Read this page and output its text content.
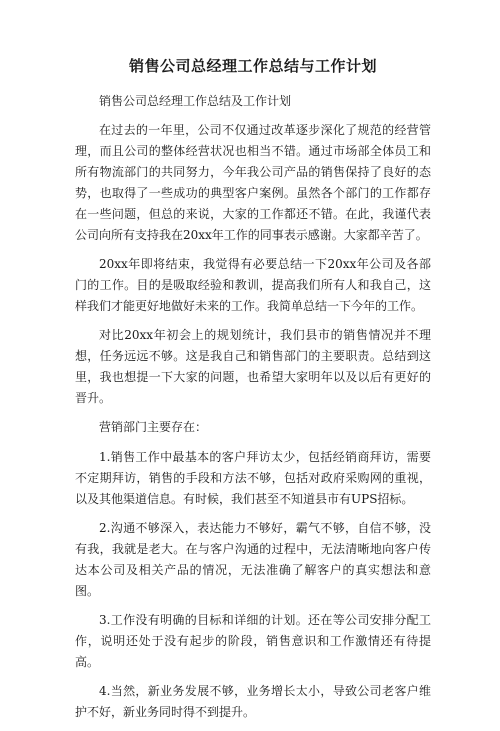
销售公司总经理工作总结与工作计划
销售公司总经理工作总结及工作计划

在过去的一年里，公司不仅通过改革逐步深化了规范的经营管理，而且公司的整体经营状况也相当不错。通过市场部全体员工和所有物流部门的共同努力，今年我公司产品的销售保持了良好的态势，也取得了一些成功的典型客户案例。虽然各个部门的工作都存在一些问题，但总的来说，大家的工作都还不错。在此，我谨代表公司向所有支持我在20xx年工作的同事表示感谢。大家都辛苦了。

20xx年即将结束，我觉得有必要总结一下20xx年公司及各部门的工作。目的是吸取经验和教训，提高我们所有人和我自己，这样我们才能更好地做好未来的工作。我简单总结一下今年的工作。

对比20xx年初会上的规划统计，我们县市的销售情况并不理想，任务远远不够。这是我自己和销售部门的主要职责。总结到这里，我也想提一下大家的问题，也希望大家明年以及以后有更好的晋升。

营销部门主要存在：

1.销售工作中最基本的客户拜访太少，包括经销商拜访，需要不定期拜访，销售的手段和方法不够，包括对政府采购网的重视，以及其他渠道信息。有时候，我们甚至不知道县市有UPS招标。

2.沟通不够深入，表达能力不够好，霸气不够，自信不够，没有我，我就是老大。在与客户沟通的过程中，无法清晰地向客户传达本公司及相关产品的情况，无法准确了解客户的真实想法和意图。

3.工作没有明确的目标和详细的计划。还在等公司安排分配工作，说明还处于没有起步的阶段，销售意识和工作激情还有待提高。

4.当然，新业务发展不够，业务增长太小，导致公司老客户维护不好，新业务同时得不到提升。
